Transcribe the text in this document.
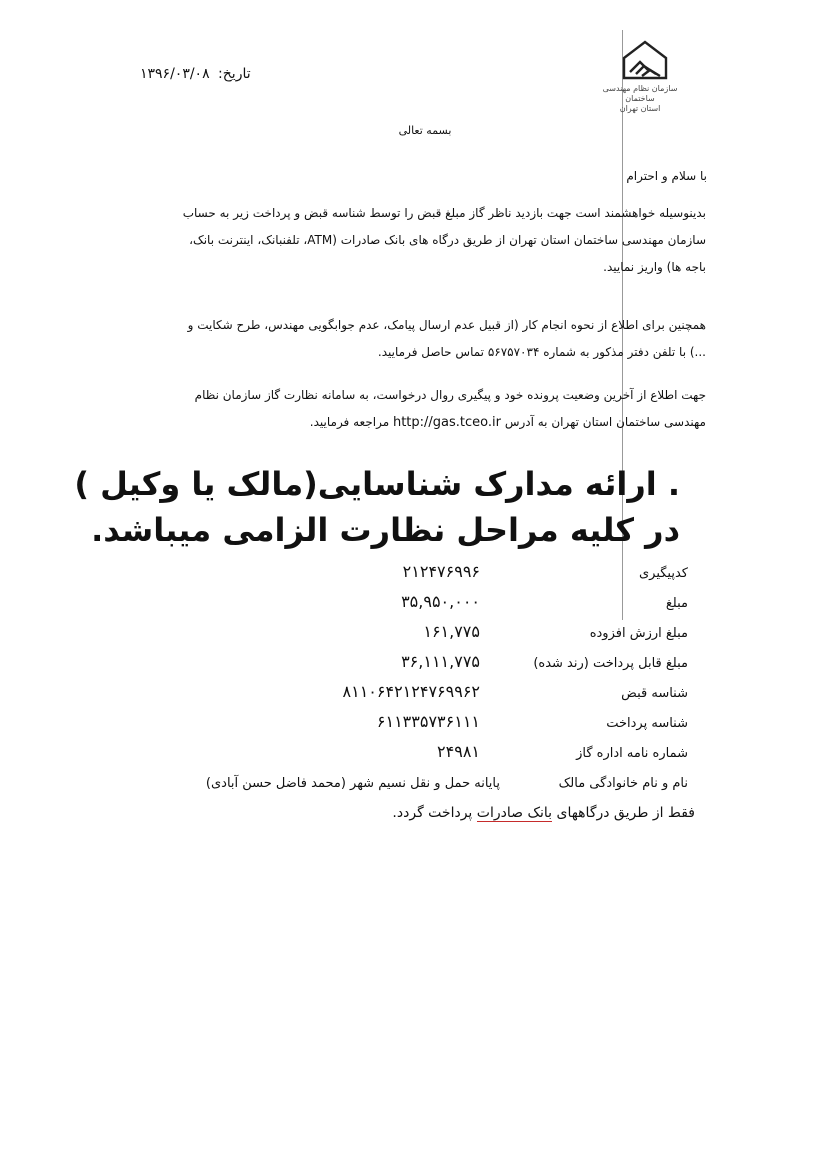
سازمان نظام مهندسی
ساختمان
استان تهران
تاریخ: ۱۳۹۶/۰۳/۰۸
بسمه تعالی
با سلام و احترام
بدینوسیله خواهشمند است جهت بازدید ناظر گاز مبلغ قبض را توسط شناسه قبض و پرداخت زیر به حساب
سازمان مهندسی ساختمان استان تهران از طریق درگاه های بانک صادرات (ATM، تلفنبانک، اینترنت بانک،
باجه ها) واریز نمایید.
همچنین برای اطلاع از نحوه انجام کار (از قبیل عدم ارسال پیامک، عدم جوابگویی مهندس، طرح شکایت و
...) با تلفن دفتر مذکور به شماره ۵۶۷۵۷۰۳۴ تماس حاصل فرمایید.
جهت اطلاع از آخرین وضعیت پرونده خود و پیگیری روال درخواست، به سامانه نظارت گاز سازمان نظام
مهندسی ساختمان استان تهران به آدرس http://gas.tceo.ir مراجعه فرمایید.
. ارائه مدارک شناسایی(مالک یا وکیل )
در کلیه مراحل نظارت الزامی میباشد.
کدپیگیری
۲۱۲۴۷۶۹۹۶
مبلغ
۳۵,۹۵۰,۰۰۰
مبلغ ارزش افزوده
۱۶۱,۷۷۵
مبلغ قابل پرداخت (رند شده)
۳۶,۱۱۱,۷۷۵
شناسه قبض
۸۱۱۰۶۴۲۱۲۴۷۶۹۹۶۲
شناسه پرداخت
۶۱۱۳۳۵۷۳۶۱۱۱
شماره نامه اداره گاز
۲۴۹۸۱
نام و نام خانوادگی مالک
پایانه حمل و نقل نسیم شهر (محمد فاضل حسن آبادی)
فقط از طریق درگاههای بانک صادرات پرداخت گردد.
